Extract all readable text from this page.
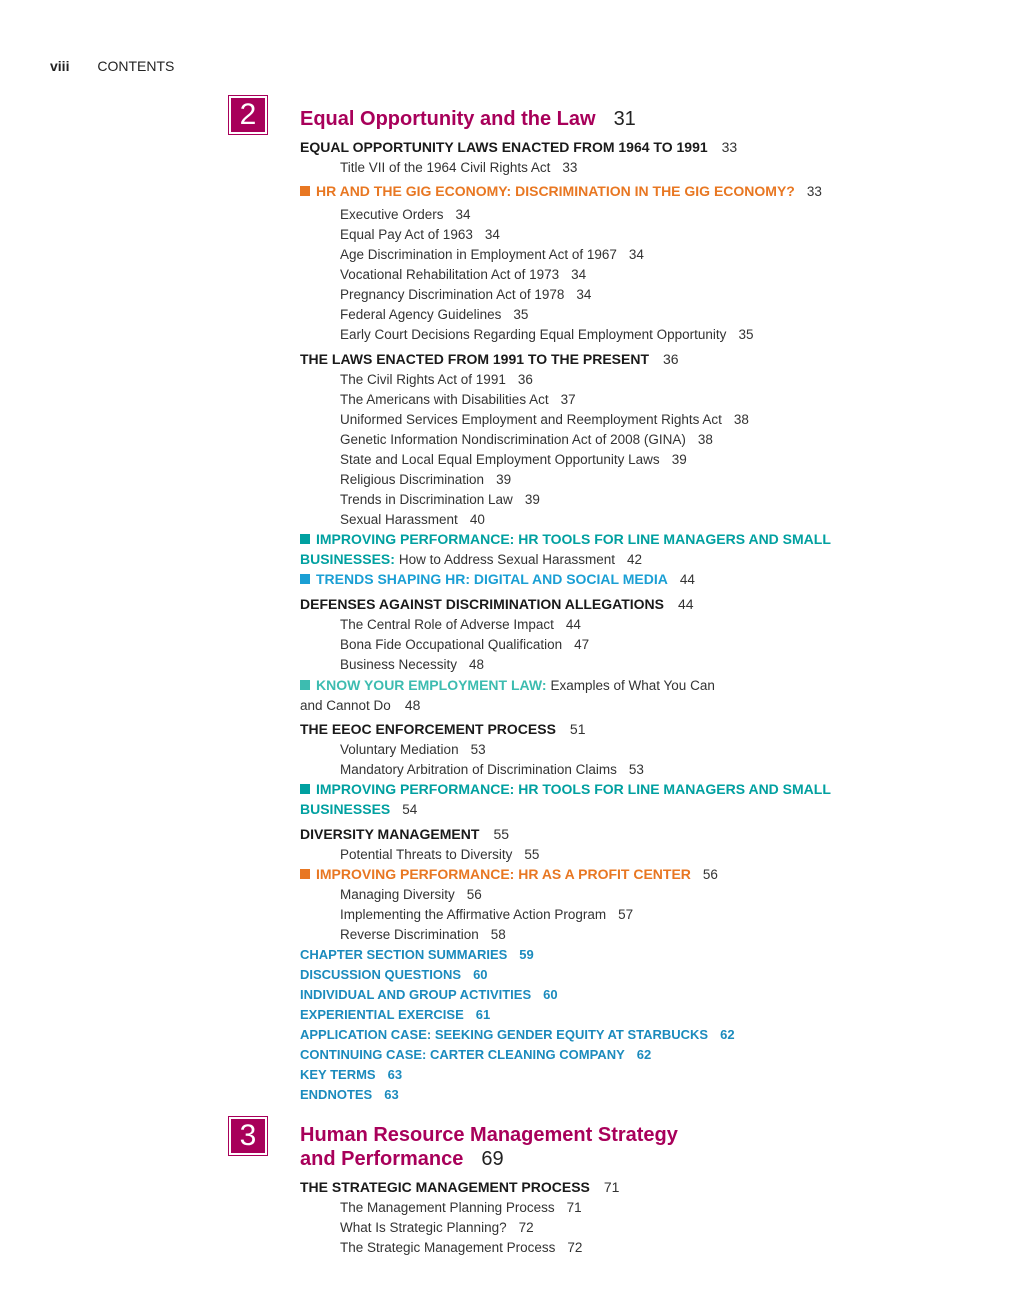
viii CONTENTS
2	Equal Opportunity and the Law 31
EQUAL OPPORTUNITY LAWS ENACTED FROM 1964 TO 1991 33
Title VII of the 1964 Civil Rights Act 33
HR AND THE GIG ECONOMY: DISCRIMINATION IN THE GIG ECONOMY? 33
Executive Orders 34
Equal Pay Act of 1963 34
Age Discrimination in Employment Act of 1967 34
Vocational Rehabilitation Act of 1973 34
Pregnancy Discrimination Act of 1978 34
Federal Agency Guidelines 35
Early Court Decisions Regarding Equal Employment Opportunity 35
THE LAWS ENACTED FROM 1991 TO THE PRESENT 36
The Civil Rights Act of 1991 36
The Americans with Disabilities Act 37
Uniformed Services Employment and Reemployment Rights Act 38
Genetic Information Nondiscrimination Act of 2008 (GINA) 38
State and Local Equal Employment Opportunity Laws 39
Religious Discrimination 39
Trends in Discrimination Law 39
Sexual Harassment 40
IMPROVING PERFORMANCE: HR TOOLS FOR LINE MANAGERS AND SMALL
BUSINESSES: How to Address Sexual Harassment 42
TRENDS SHAPING HR: DIGITAL AND SOCIAL MEDIA 44
DEFENSES AGAINST DISCRIMINATION ALLEGATIONS 44
The Central Role of Adverse Impact 44
Bona Fide Occupational Qualification 47
Business Necessity 48
KNOW YOUR EMPLOYMENT LAW: Examples of What You Can
and Cannot Do 48
THE EEOC ENFORCEMENT PROCESS 51
Voluntary Mediation 53
Mandatory Arbitration of Discrimination Claims 53
IMPROVING PERFORMANCE: HR TOOLS FOR LINE MANAGERS AND SMALL
BUSINESSES 54
DIVERSITY MANAGEMENT 55
Potential Threats to Diversity 55
IMPROVING PERFORMANCE: HR AS A PROFIT CENTER 56
Managing Diversity 56
Implementing the Affirmative Action Program 57
Reverse Discrimination 58
CHAPTER SECTION SUMMARIES 59
DISCUSSION QUESTIONS 60
INDIVIDUAL AND GROUP ACTIVITIES 60
EXPERIENTIAL EXERCISE 61
APPLICATION CASE: SEEKING GENDER EQUITY AT STARBUCKS 62
CONTINUING CASE: CARTER CLEANING COMPANY 62
KEY TERMS 63
ENDNOTES 63
3	Human Resource Management Strategy
and Performance 69
THE STRATEGIC MANAGEMENT PROCESS 71
The Management Planning Process 71
What Is Strategic Planning? 72
The Strategic Management Process 72
